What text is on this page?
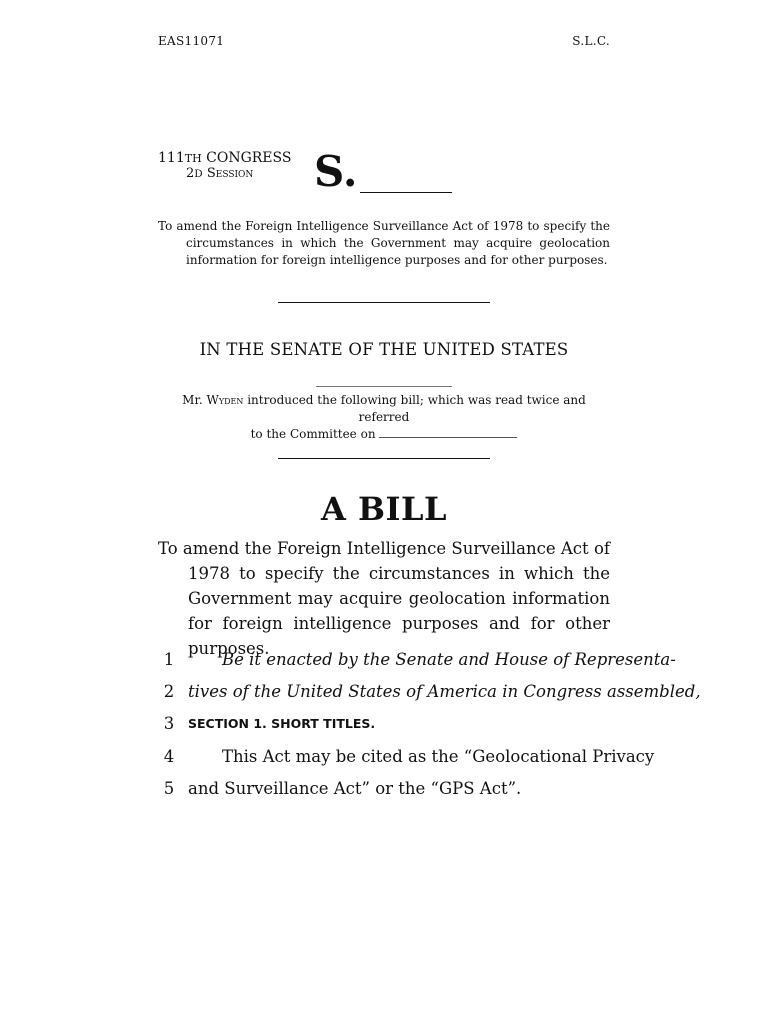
EAS11071	S.L.C.
111TH CONGRESS
2D Session S.
To amend the Foreign Intelligence Surveillance Act of 1978 to specify the circumstances in which the Government may acquire geolocation information for foreign intelligence purposes and for other purposes.
IN THE SENATE OF THE UNITED STATES
Mr. Wyden introduced the following bill; which was read twice and referred
to the Committee on
A BILL
To amend the Foreign Intelligence Surveillance Act of 1978 to specify the circumstances in which the Government may acquire geolocation information for foreign intelligence purposes and for other purposes.
1	Be it enacted by the Senate and House of Representa-
2 tives of the United States of America in Congress assembled,
3	SECTION 1. SHORT TITLES.
4	This Act may be cited as the “Geolocational Privacy
5 and Surveillance Act” or the “GPS Act”.
